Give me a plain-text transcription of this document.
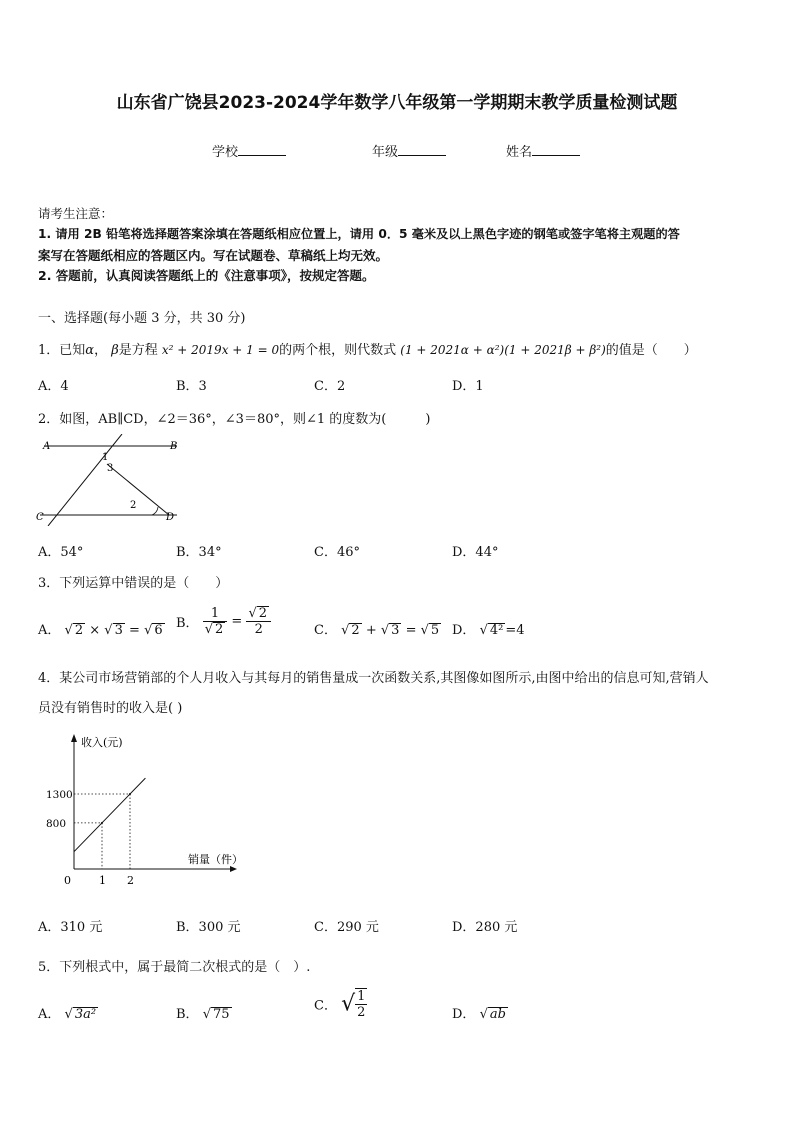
山东省广饶县2023-2024学年数学八年级第一学期期末教学质量检测试题
学校	年级	姓名
请考生注意：
1. 请用 2B 铅笔将选择题答案涂填在答题纸相应位置上，请用 0．5 毫米及以上黑色字迹的钢笔或签字笔将主观题的答
案写在答题纸相应的答题区内。写在试题卷、草稿纸上均无效。
2. 答题前，认真阅读答题纸上的《注意事项》，按规定答题。
一、选择题(每小题 3 分，共 30 分)
1．已知α， β是方程 x² + 2019x + 1 = 0的两个根，则代数式 (1 + 2021α + α²)(1 + 2021β + β²)的值是（　　）
A．4	B．3	C．2	D．1
2．如图，AB∥CD，∠2＝36°，∠3＝80°，则∠1 的度数为(　　　)
A	B
C	D
1
3
2
A．54°	B．34°	C．46°	D．44°
3．下列运算中错误的是（　　）
A． √ 2 × √ 3 = √ 6 B． $\frac{1}{√ 2} = \frac{√ 2}{2}$	C． √ 2 + √ 3 = √ 5 D． √ 4² =4
4．某公司市场营销部的个人月收入与其每月的销售量成一次函数关系,其图像如图所示,由图中给出的信息可知,营销人
员没有销售时的收入是( )
收入(元)
销量（件）
0	1 2
1300
800
A．310 元	B．300 元	C．290 元	D．280 元
5．下列根式中，属于最简二次根式的是（　）.
A． √ 3a²	B． √ 75
C． √ $\frac{1}{2}$	D． √ ab
